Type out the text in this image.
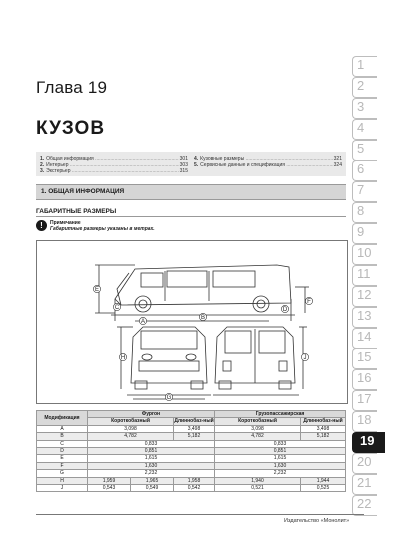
1
2
3
4
5
6
7
8
9
10
11
12
13
14
15
16
17
18
19
20
21
22
Глава 19
КУЗОВ
1. Общая информация .....	301
2. Интерьер .....	303
3. Экстерьер .....	315
4. Кузовные размеры .....	321
5. Сервисные данные и спецификация .....	324
1. ОБЩАЯ ИНФОРМАЦИЯ
ГАБАРИТНЫЕ РАЗМЕРЫ
!	Примечание
Габаритные размеры указаны в метрах.
A
B
C	D
E
F
G
H	J
Модификация	Фургон			Грузопассажирская	
	Короткобазный		Длиннобаз-ный	Короткобазный	Длиннобаз-ный
A	3,098		3,498	3,098	3,498
B	4,782		5,182	4,782	5,182
C	0,833			0,833	
D	0,851			0,851	
E	1,615			1,615	
F	1,630			1,630	
G	2,232			2,232	
H	1,959	1,965	1,958	1,940	1,944
J	0,543	0,549	0,542	0,521	0,525
Издательство «Монолит»
